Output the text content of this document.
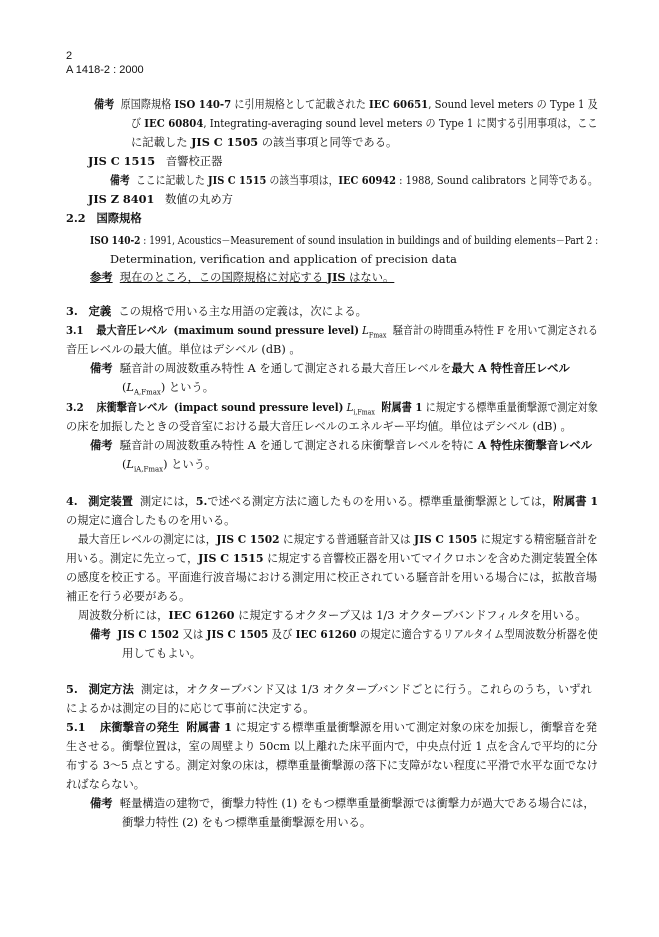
2
A 1418-2 : 2000
備考 原国際規格 ISO 140-7 に引用規格として記載された IEC 60651, Sound level meters の Type 1 及
び IEC 60804, Integrating-averaging sound level meters の Type 1 に関する引用事項は，ここ
に記載した JIS C 1505 の該当事項と同等である。
JIS C 1515 音響校正器
備考 ここに記載した JIS C 1515 の該当事項は，IEC 60942 : 1988, Sound calibrators と同等である。
JIS Z 8401 数値の丸め方
2.2 国際規格
ISO 140-2 : 1991, Acoustics－Measurement of sound insulation in buildings and of building elements－Part 2 :
Determination, verification and application of precision data
参考 現在のところ，この国際規格に対応する JIS はない。
3. 定義 この規格で用いる主な用語の定義は，次による。
3.1 最大音圧レベル (maximum sound pressure level) $L_{Fmax}$ 騒音計の時間重み特性 F を用いて測定される
音圧レベルの最大値。単位はデシベル (dB) 。
備考 騒音計の周波数重み特性 A を通して測定される最大音圧レベルを最大 A 特性音圧レベル
$(L_{A,Fmax})$ という。
3.2 床衝撃音レベル (impact sound pressure level) $L_{i,Fmax}$ 附属書 1 に規定する標準重量衝撃源で測定対象
の床を加振したときの受音室における最大音圧レベルのエネルギー平均値。単位はデシベル (dB) 。
備考 騒音計の周波数重み特性 A を通して測定される床衝撃音レベルを特に A 特性床衝撃音レベル
$(L_{iA,Fmax})$ という。
4. 測定装置 測定には，5.で述べる測定方法に適したものを用いる。標準重量衝撃源としては，附属書 1
の規定に適合したものを用いる。
最大音圧レベルの測定には，JIS C 1502 に規定する普通騒音計又は JIS C 1505 に規定する精密騒音計を
用いる。測定に先立って，JIS C 1515 に規定する音響校正器を用いてマイクロホンを含めた測定装置全体
の感度を校正する。平面進行波音場における測定用に校正されている騒音計を用いる場合には，拡散音場
補正を行う必要がある。
周波数分析には，IEC 61260 に規定するオクターブ又は 1/3 オクターブバンドフィルタを用いる。
備考 JIS C 1502 又は JIS C 1505 及び IEC 61260 の規定に適合するリアルタイム型周波数分析器を使
用してもよい。
5. 測定方法 測定は，オクターブバンド又は 1/3 オクターブバンドごとに行う。これらのうち，いずれ
によるかは測定の目的に応じて事前に決定する。
5.1 床衝撃音の発生 附属書 1 に規定する標準重量衝撃源を用いて測定対象の床を加振し，衝撃音を発
生させる。衝撃位置は，室の周壁より 50cm 以上離れた床平面内で，中央点付近 1 点を含んで平均的に分
布する 3～5 点とする。測定対象の床は，標準重量衝撃源の落下に支障がない程度に平滑で水平な面でなけ
ればならない。
備考 軽量構造の建物で，衝撃力特性 (1) をもつ標準重量衝撃源では衝撃力が過大である場合には，
衝撃力特性 (2) をもつ標準重量衝撃源を用いる。
